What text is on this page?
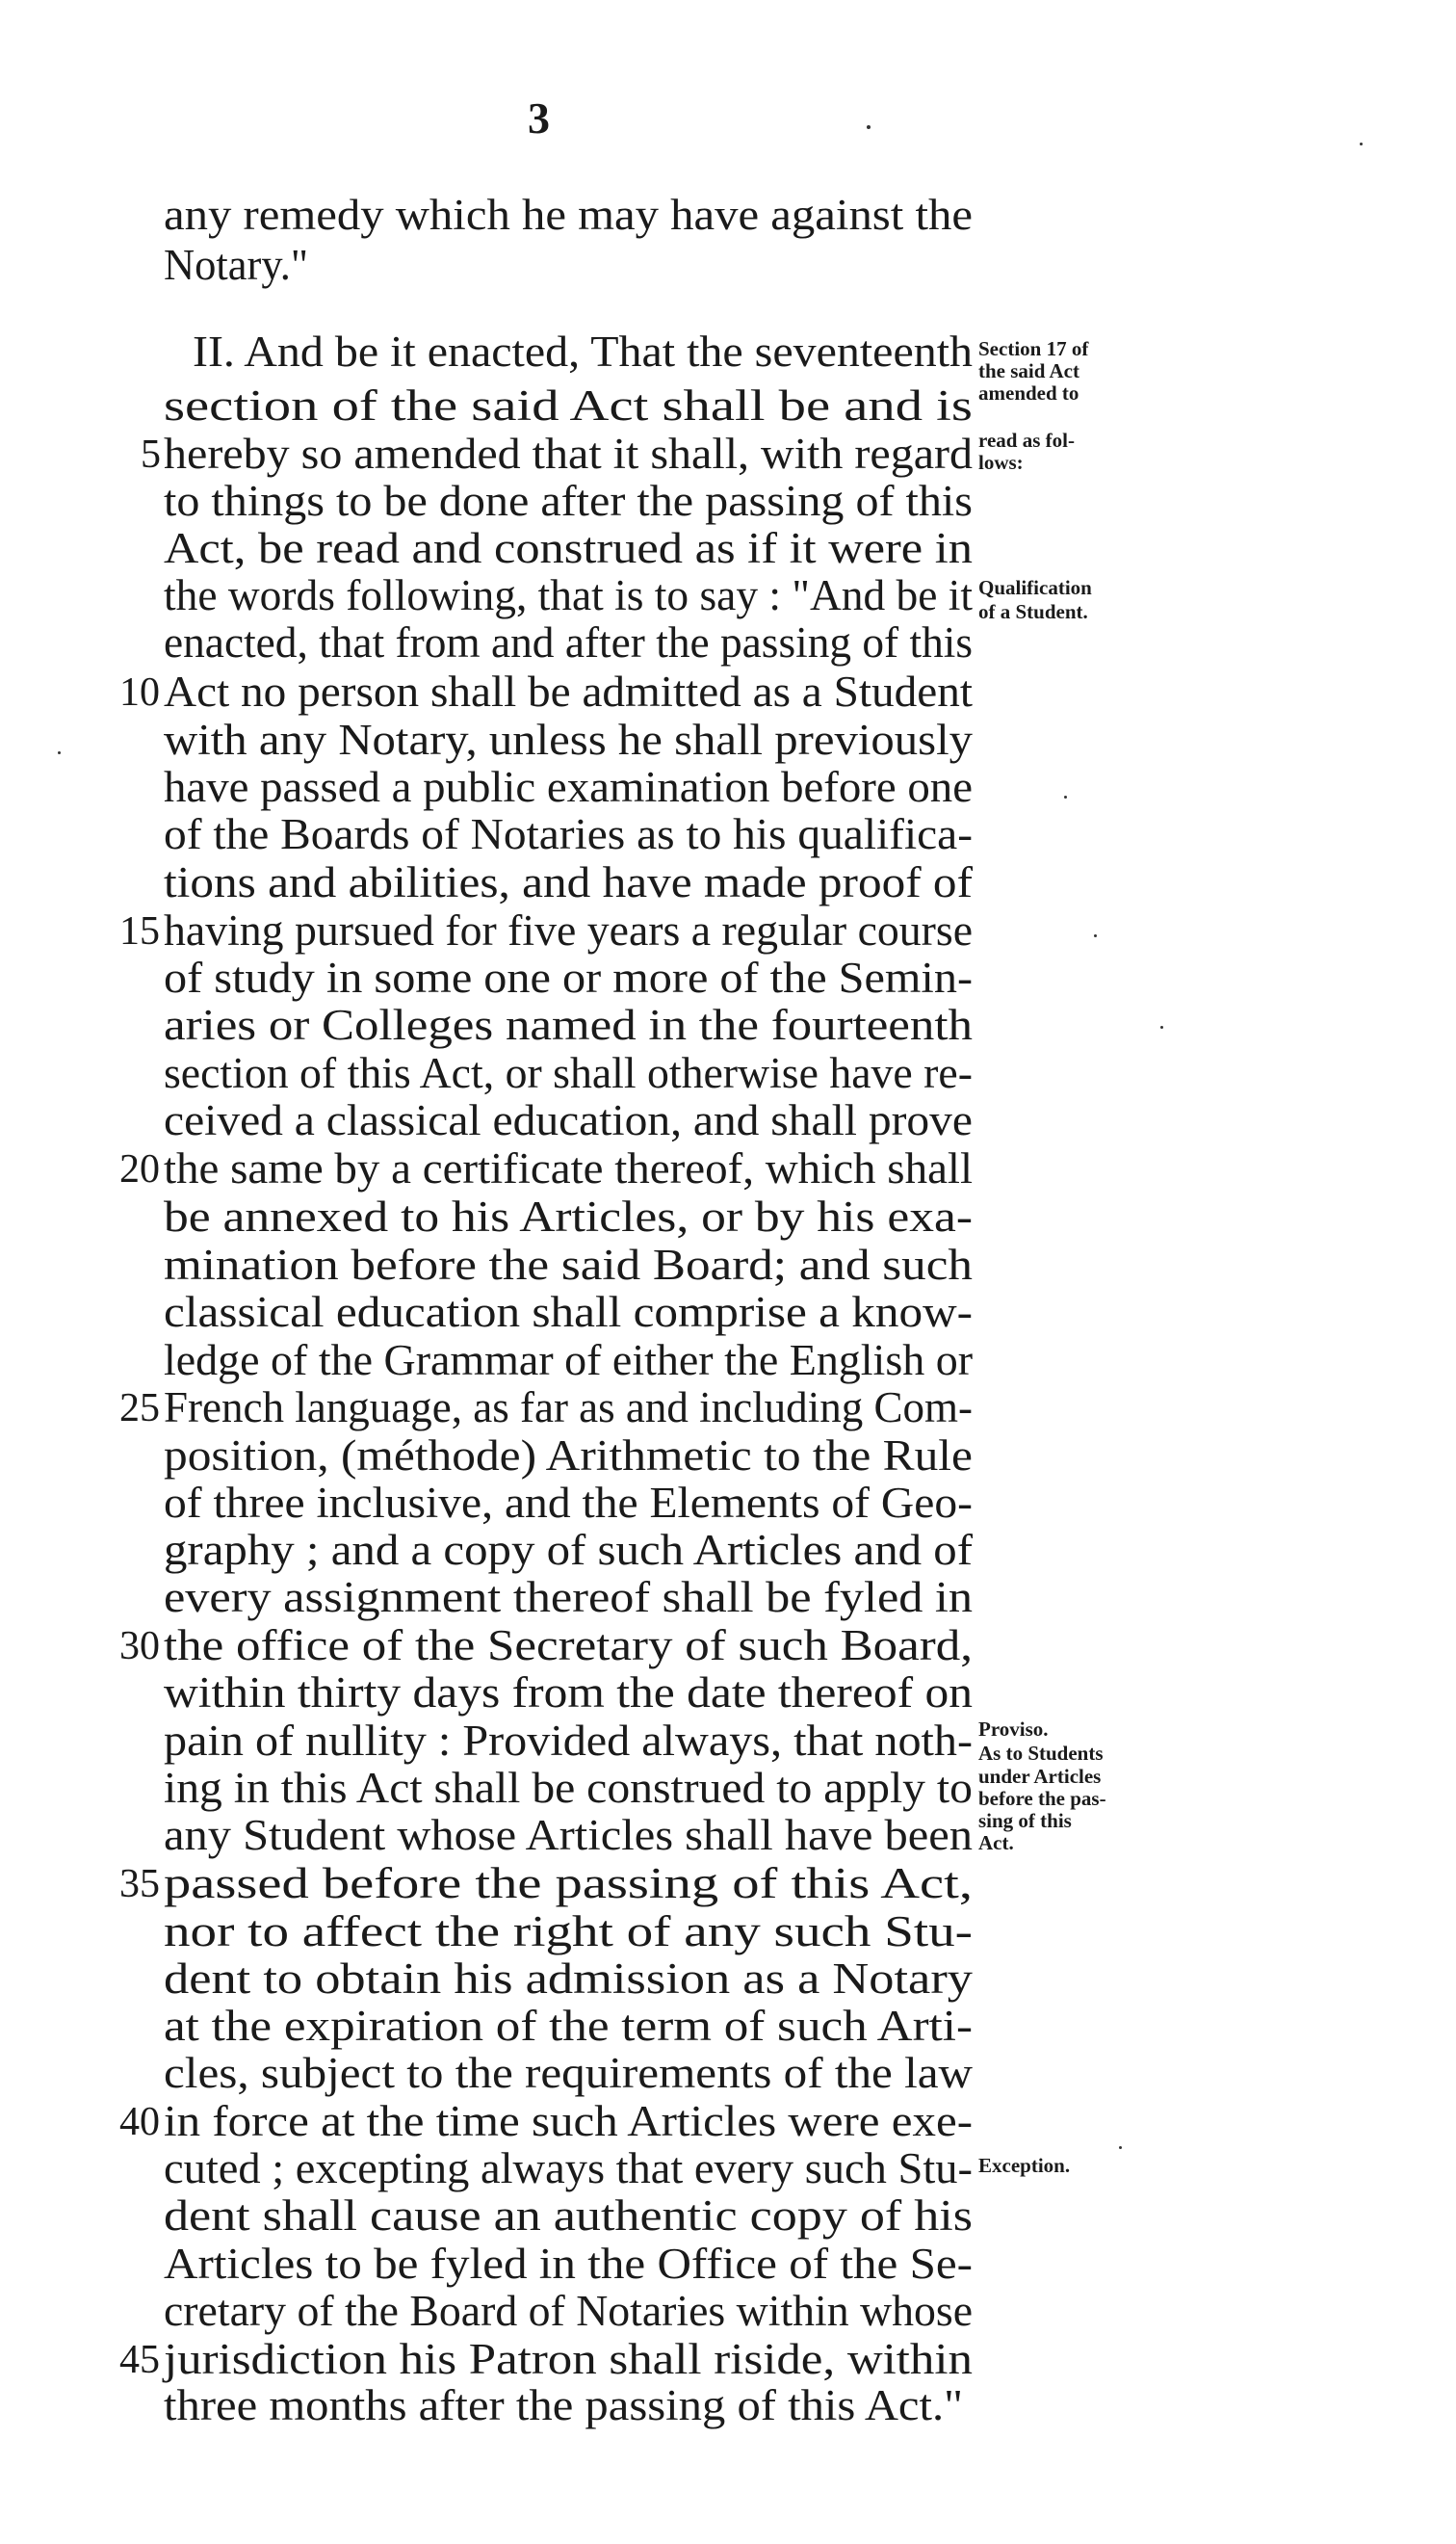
3
any remedy which he may have against the
Notary."
II. And be it enacted, That the seventeenth
section of the said Act shall be and is
hereby so amended that it shall, with regard
to things to be done after the passing of this
Act, be read and construed as if it were in
the words following, that is to say : "And be it
enacted, that from and after the passing of this
Act no person shall be admitted as a Student
with any Notary, unless he shall previously
have passed a public examination before one
of the Boards of Notaries as to his qualifica-
tions and abilities, and have made proof of
having pursued for five years a regular course
of study in some one or more of the Semin-
aries or Colleges named in the fourteenth
section of this Act, or shall otherwise have re-
ceived a classical education, and shall prove
the same by a certificate thereof, which shall
be annexed to his Articles, or by his exa-
mination before the said Board; and such
classical education shall comprise a know-
ledge of the Grammar of either the English or
French language, as far as and including Com-
position, (méthode) Arithmetic to the Rule
of three inclusive, and the Elements of Geo-
graphy ; and a copy of such Articles and of
every assignment thereof shall be fyled in
the office of the Secretary of such Board,
within thirty days from the date thereof on
pain of nullity : Provided always, that noth-
ing in this Act shall be construed to apply to
any Student whose Articles shall have been
passed before the passing of this Act,
nor to affect the right of any such Stu-
dent to obtain his admission as a Notary
at the expiration of the term of such Arti-
cles, subject to the requirements of the law
in force at the time such Articles were exe-
cuted ; excepting always that every such Stu-
dent shall cause an authentic copy of his
Articles to be fyled in the Office of the Se-
cretary of the Board of Notaries within whose
jurisdiction his Patron shall riside, within
three months after the passing of this Act."
5
10
15
20
25
30
35
40
45
Section 17 of
the said Act
amended to
read as fol-
lows:
Qualification
of a Student.
Proviso.
As to Students
under Articles
before the pas-
sing of this
Act.
Exception.
